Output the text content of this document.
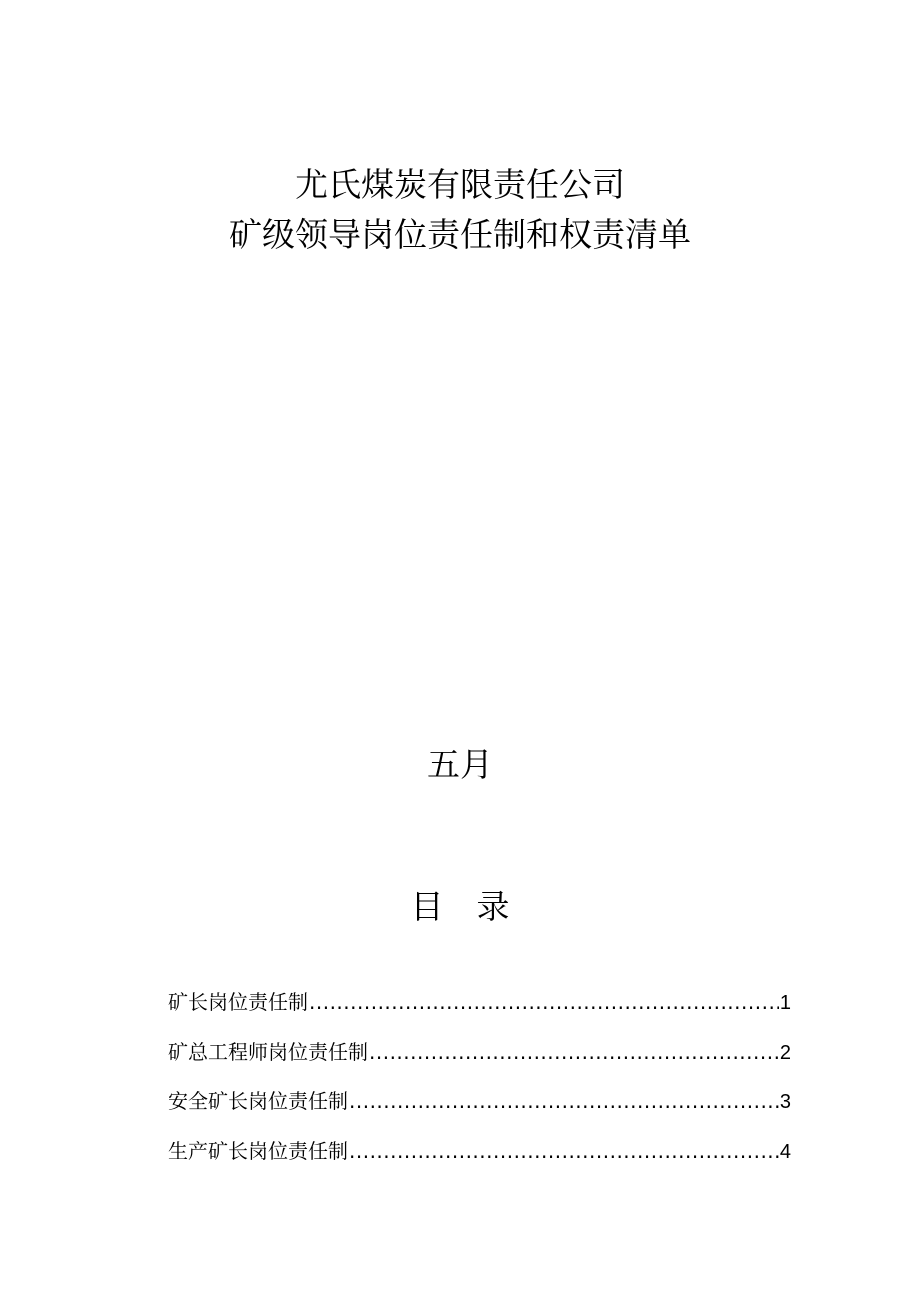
尤氏煤炭有限责任公司
矿级领导岗位责任制和权责清单
五月
目　录
矿长岗位责任制 .....	1
矿总工程师岗位责任制 .....	2
安全矿长岗位责任制 .....	3
生产矿长岗位责任制 .....	4
